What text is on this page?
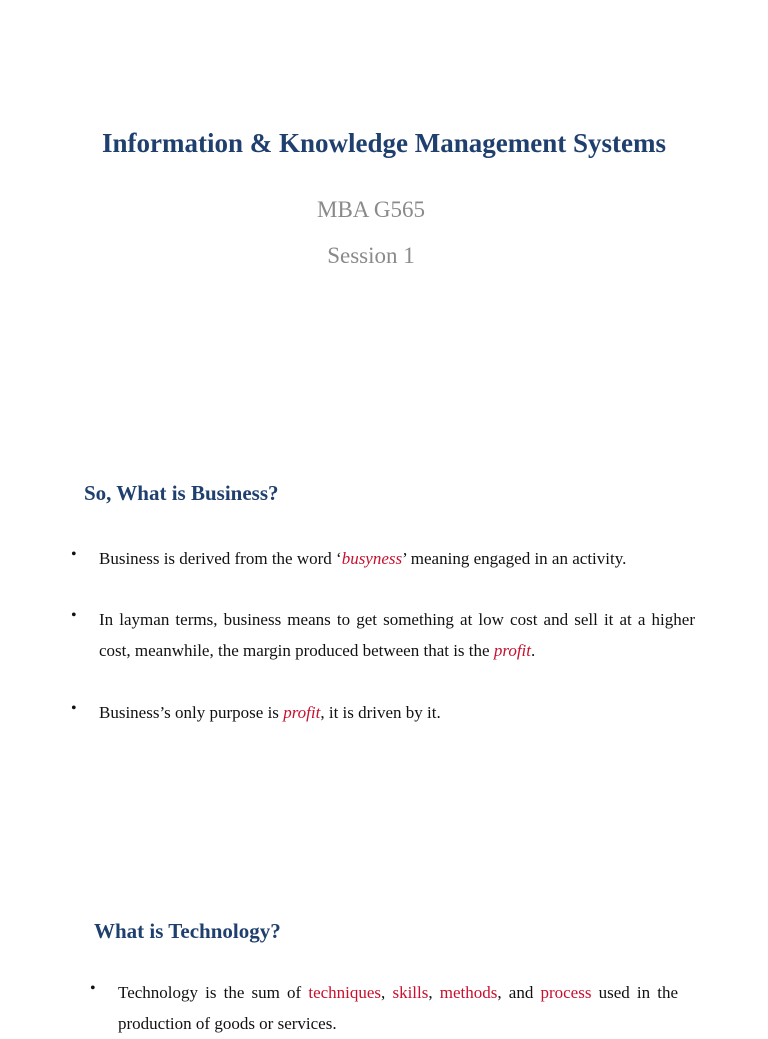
Information & Knowledge Management Systems
MBA G565
Session 1
So, What is Business?
• Business is derived from the word ‘busyness’ meaning engaged in an activity.
• In layman terms, business means to get something at low cost and sell it at a higher cost, meanwhile, the margin produced between that is the profit.
• Business’s only purpose is profit, it is driven by it.
What is Technology?
• Technology is the sum of techniques, skills, methods, and process used in the production of goods or services.
